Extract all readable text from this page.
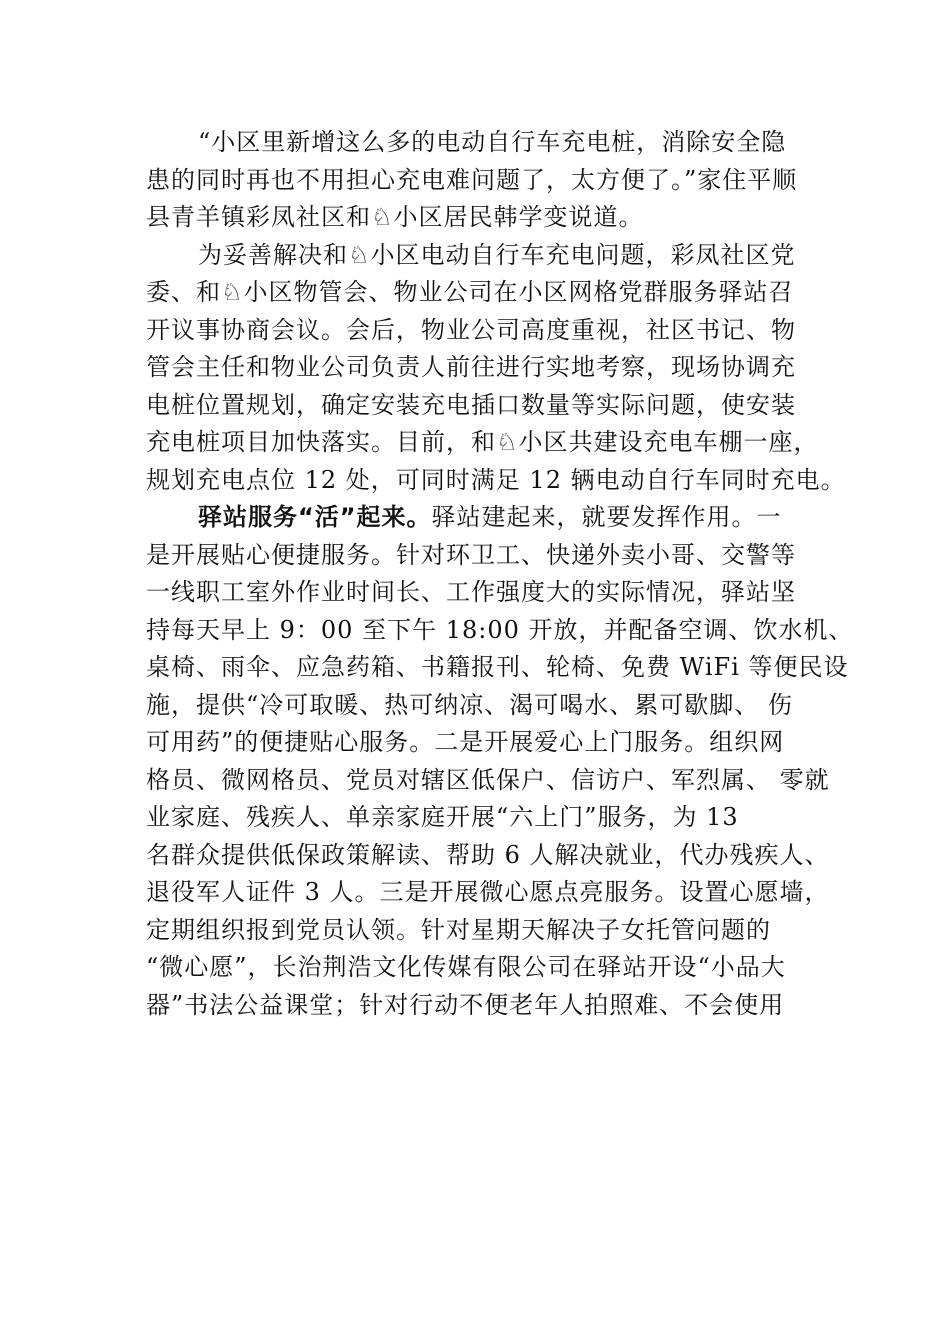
“小区里新增这么多的电动自行车充电桩，消除安全隐
患的同时再也不用担心充电难问题了，太方便了。”家住平顺
县青羊镇彩凤社区和♘小区居民韩学变说道。
为妥善解决和♘小区电动自行车充电问题，彩凤社区党
委、和♘小区物管会、物业公司在小区网格党群服务驿站召
开议事协商会议。会后，物业公司高度重视，社区书记、物
管会主任和物业公司负责人前往进行实地考察，现场协调充
电桩位置规划，确定安装充电插口数量等实际问题，使安装
充电桩项目加快落实。目前，和♘小区共建设充电车棚一座，
规划充电点位 12 处，可同时满足 12 辆电动自行车同时充电。
驿站服务“活”起来。驿站建起来，就要发挥作用。一
是开展贴心便捷服务。针对环卫工、快递外卖小哥、交警等
一线职工室外作业时间长、工作强度大的实际情况，驿站坚
持每天早上 9：00 至下午 18:00 开放，并配备空调、饮水机、
桌椅、雨伞、应急药箱、书籍报刊、轮椅、免费 WiFi 等便民设
施，提供“冷可取暖、热可纳凉、渴可喝水、累可歇脚、 伤
可用药”的便捷贴心服务。二是开展爱心上门服务。组织网
格员、微网格员、党员对辖区低保户、信访户、军烈属、 零就
业家庭、残疾人、单亲家庭开展“六上门”服务，为 13
名群众提供低保政策解读、帮助 6 人解决就业，代办残疾人、
退役军人证件 3 人。三是开展微心愿点亮服务。设置心愿墙，
定期组织报到党员认领。针对星期天解决子女托管问题的
“微心愿”，长治荆浩文化传媒有限公司在驿站开设“小品大
器”书法公益课堂；针对行动不便老年人拍照难、不会使用
